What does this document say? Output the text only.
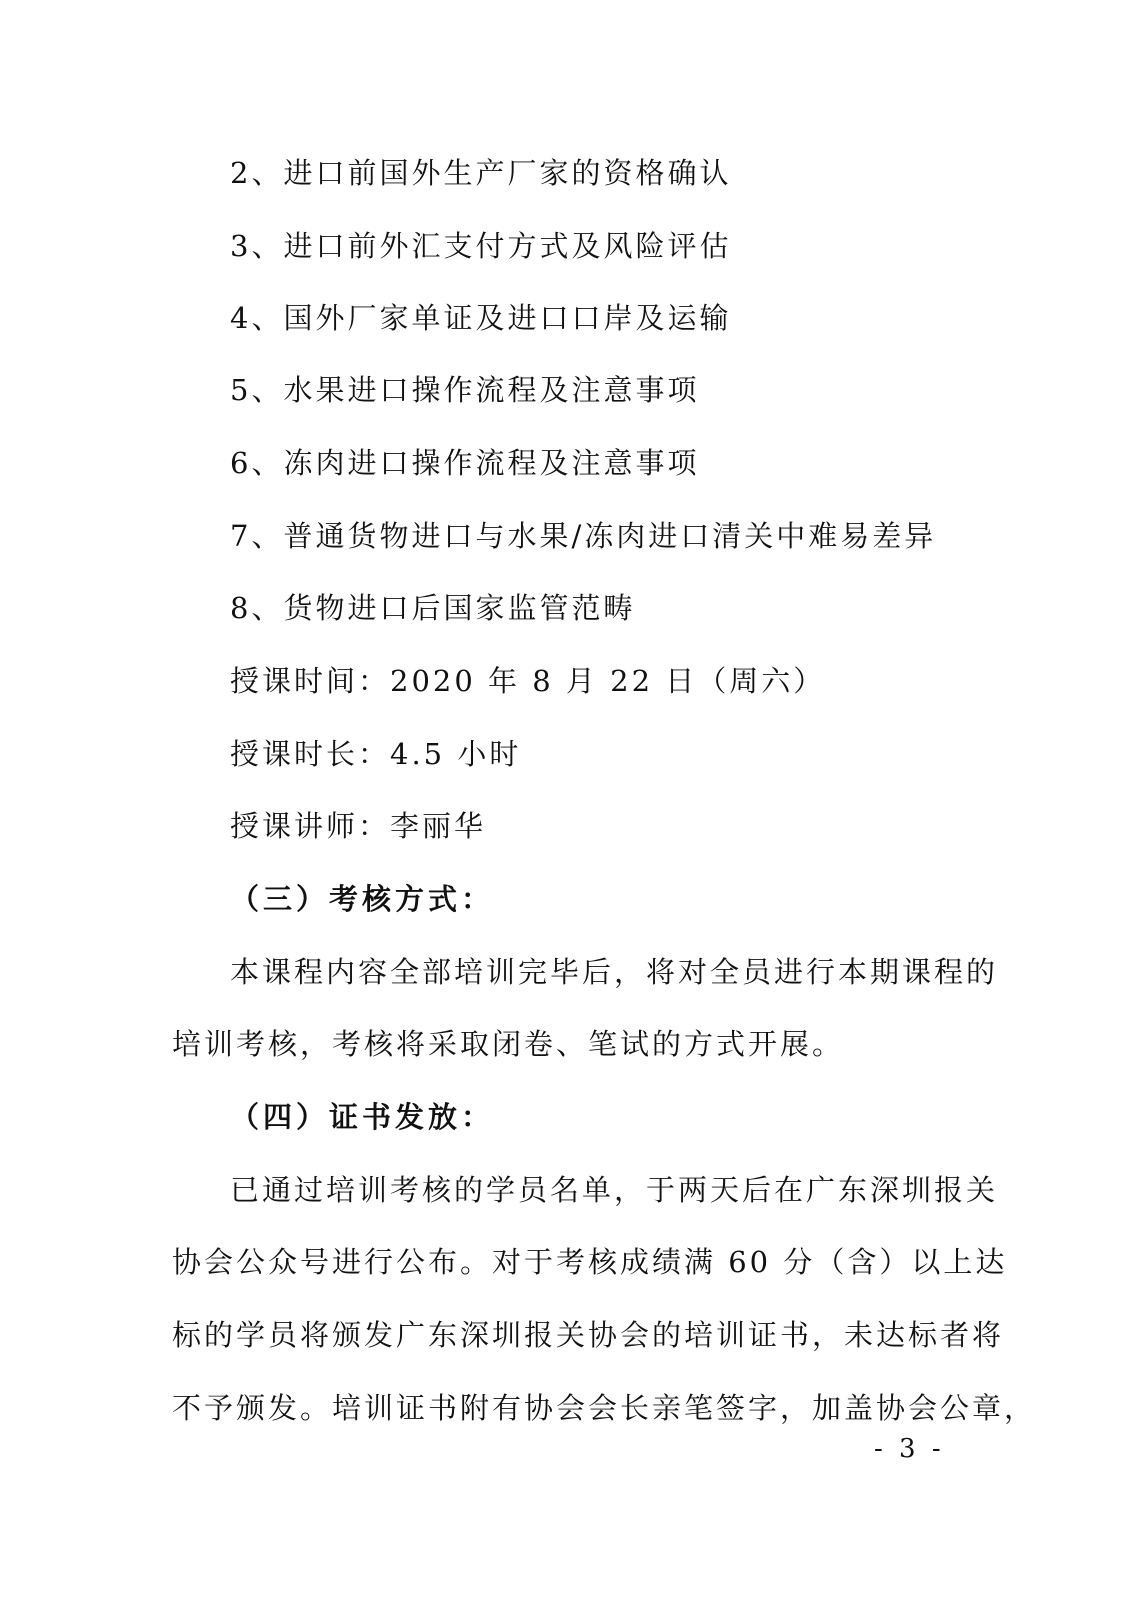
2、进口前国外生产厂家的资格确认
3、进口前外汇支付方式及风险评估
4、国外厂家单证及进口口岸及运输
5、水果进口操作流程及注意事项
6、冻肉进口操作流程及注意事项
7、普通货物进口与水果/冻肉进口清关中难易差异
8、货物进口后国家监管范畴
授课时间：2020 年 8 月 22 日（周六）
授课时长：4.5 小时
授课讲师：李丽华
（三）考核方式：
本课程内容全部培训完毕后，将对全员进行本期课程的
培训考核，考核将采取闭卷、笔试的方式开展。
（四）证书发放：
已通过培训考核的学员名单，于两天后在广东深圳报关
协会公众号进行公布。对于考核成绩满 60 分（含）以上达
标的学员将颁发广东深圳报关协会的培训证书，未达标者将
不予颁发。培训证书附有协会会长亲笔签字，加盖协会公章，
- 3 -
